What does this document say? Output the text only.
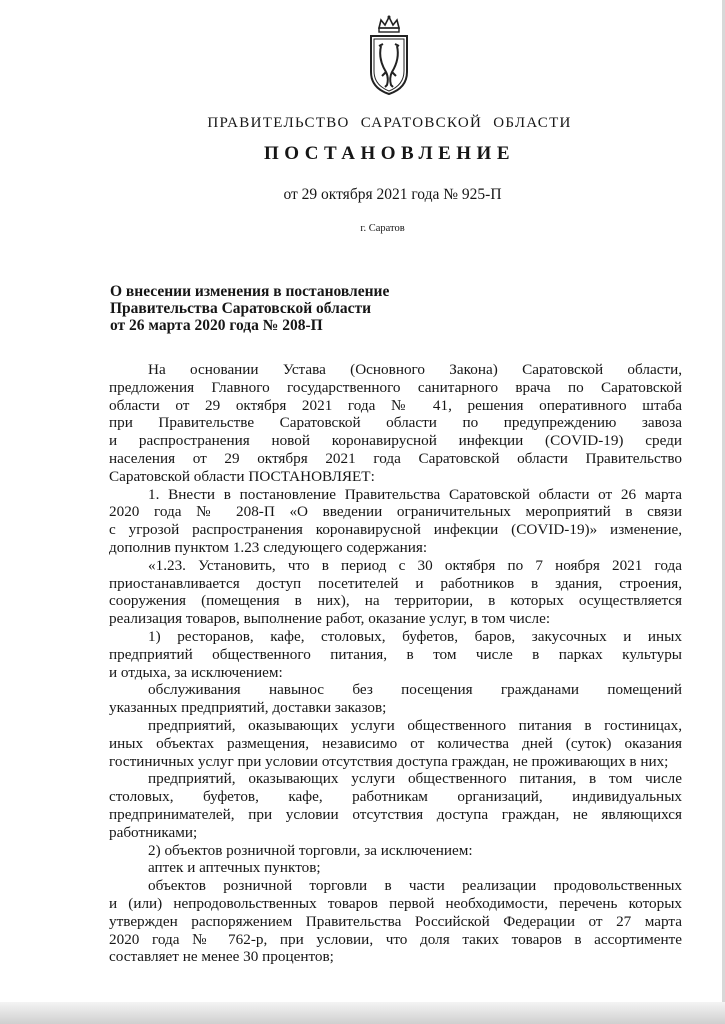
ПРАВИТЕЛЬСТВО САРАТОВСКОЙ ОБЛАСТИ
ПОСТАНОВЛЕНИЕ
от 29 октября 2021 года № 925-П
г. Саратов
О внесении изменения в постановление
Правительства Саратовской области
от 26 марта 2020 года № 208-П

На основании Устава (Основного Закона) Саратовской области,

предложения Главного государственного санитарного врача по Саратовской

области от 29 октября 2021 года № 41, решения оперативного штаба

при Правительстве Саратовской области по предупреждению завоза

и распространения новой коронавирусной инфекции (COVID-19) среди

населения от 29 октября 2021 года Саратовской области Правительство

Саратовской области ПОСТАНОВЛЯЕТ:

1. Внести в постановление Правительства Саратовской области от 26 марта

2020 года № 208-П «О введении ограничительных мероприятий в связи

с угрозой распространения коронавирусной инфекции (COVID-19)» изменение,

дополнив пунктом 1.23 следующего содержания:

«1.23. Установить, что в период с 30 октября по 7 ноября 2021 года

приостанавливается доступ посетителей и работников в здания, строения,

сооружения (помещения в них), на территории, в которых осуществляется

реализация товаров, выполнение работ, оказание услуг, в том числе:

1) ресторанов, кафе, столовых, буфетов, баров, закусочных и иных

предприятий общественного питания, в том числе в парках культуры

и отдыха, за исключением:

обслуживания навынос без посещения гражданами помещений

указанных предприятий, доставки заказов;

предприятий, оказывающих услуги общественного питания в гостиницах,

иных объектах размещения, независимо от количества дней (суток) оказания

гостиничных услуг при условии отсутствия доступа граждан, не проживающих в них;

предприятий, оказывающих услуги общественного питания, в том числе

столовых, буфетов, кафе, работникам организаций, индивидуальных

предпринимателей, при условии отсутствия доступа граждан, не являющихся

работниками;

2) объектов розничной торговли, за исключением:

аптек и аптечных пунктов;

объектов розничной торговли в части реализации продовольственных

и (или) непродовольственных товаров первой необходимости, перечень которых

утвержден распоряжением Правительства Российской Федерации от 27 марта

2020 года № 762-р, при условии, что доля таких товаров в ассортименте

составляет не менее 30 процентов;
